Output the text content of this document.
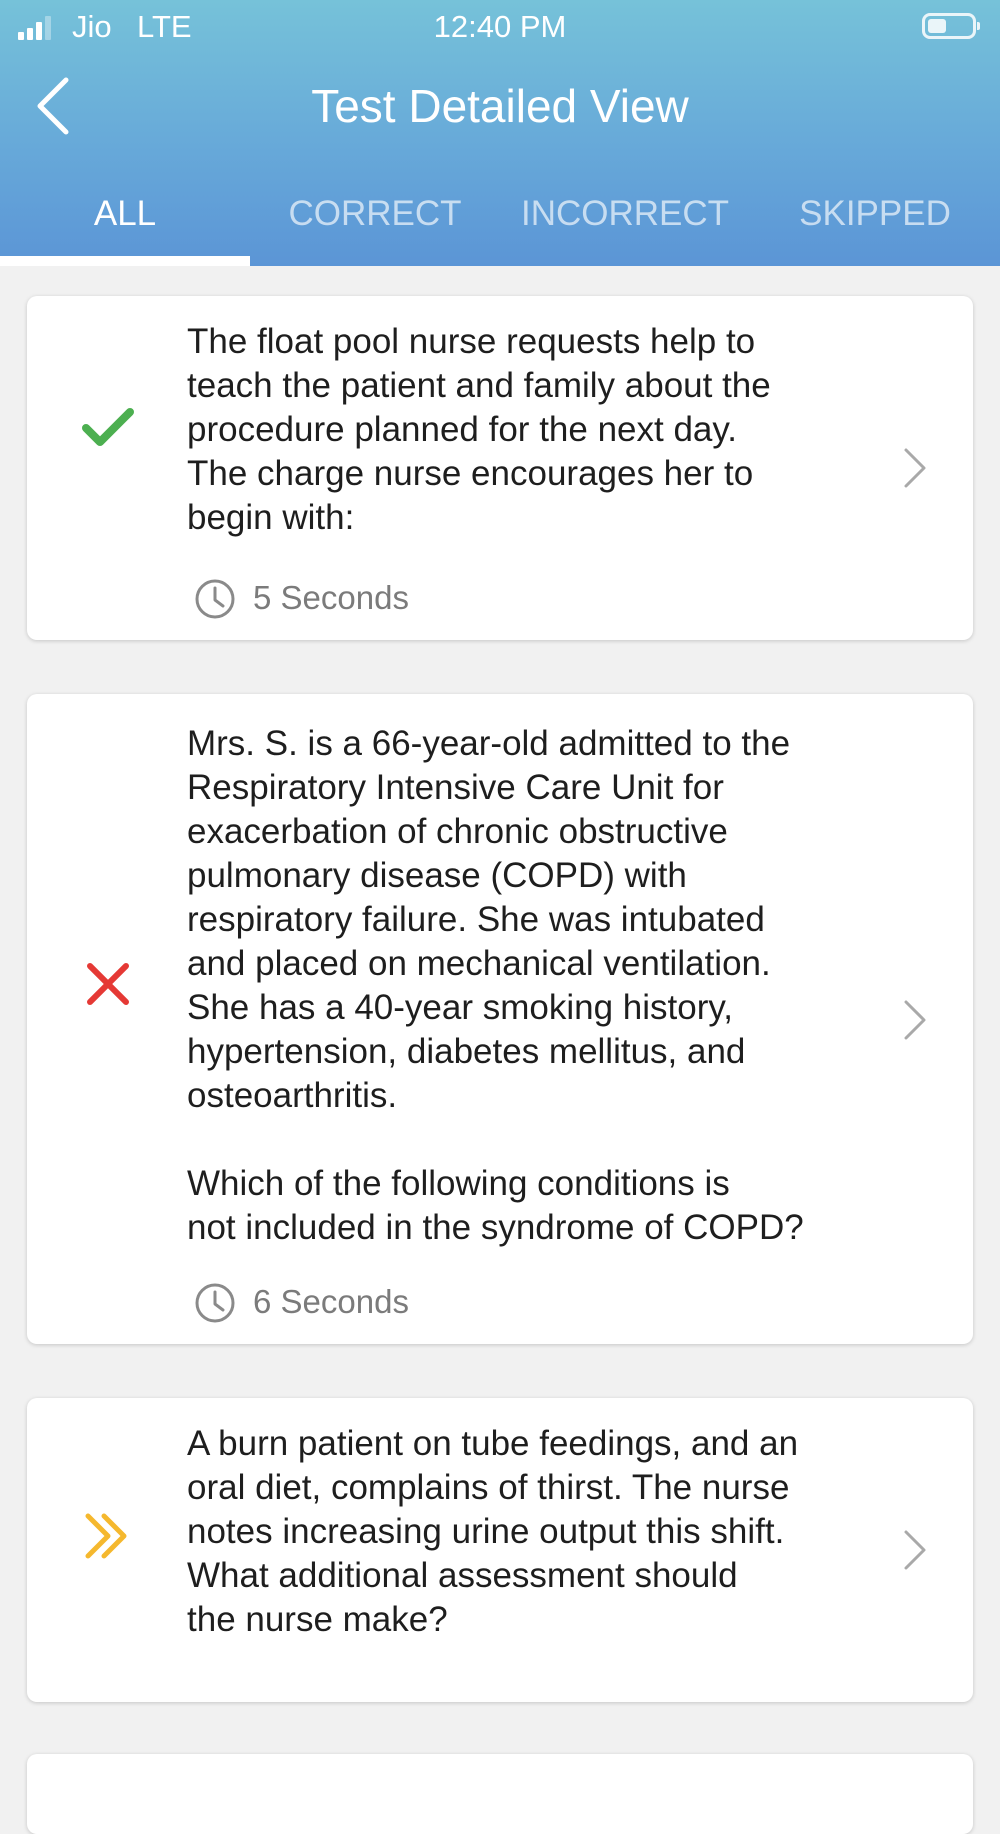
Jio LTE	12:40 PM
Test Detailed View
ALL	CORRECT	INCORRECT	SKIPPED
The float pool nurse requests help to
teach the patient and family about the
procedure planned for the next day.
The charge nurse encourages her to
begin with:
5 Seconds
Mrs. S. is a 66-year-old admitted to the
Respiratory Intensive Care Unit for
exacerbation of chronic obstructive
pulmonary disease (COPD) with
respiratory failure. She was intubated
and placed on mechanical ventilation.
She has a 40-year smoking history,
hypertension, diabetes mellitus, and
osteoarthritis.

Which of the following conditions is
not included in the syndrome of COPD?
6 Seconds
A burn patient on tube feedings, and an
oral diet, complains of thirst. The nurse
notes increasing urine output this shift.
What additional assessment should
the nurse make?
